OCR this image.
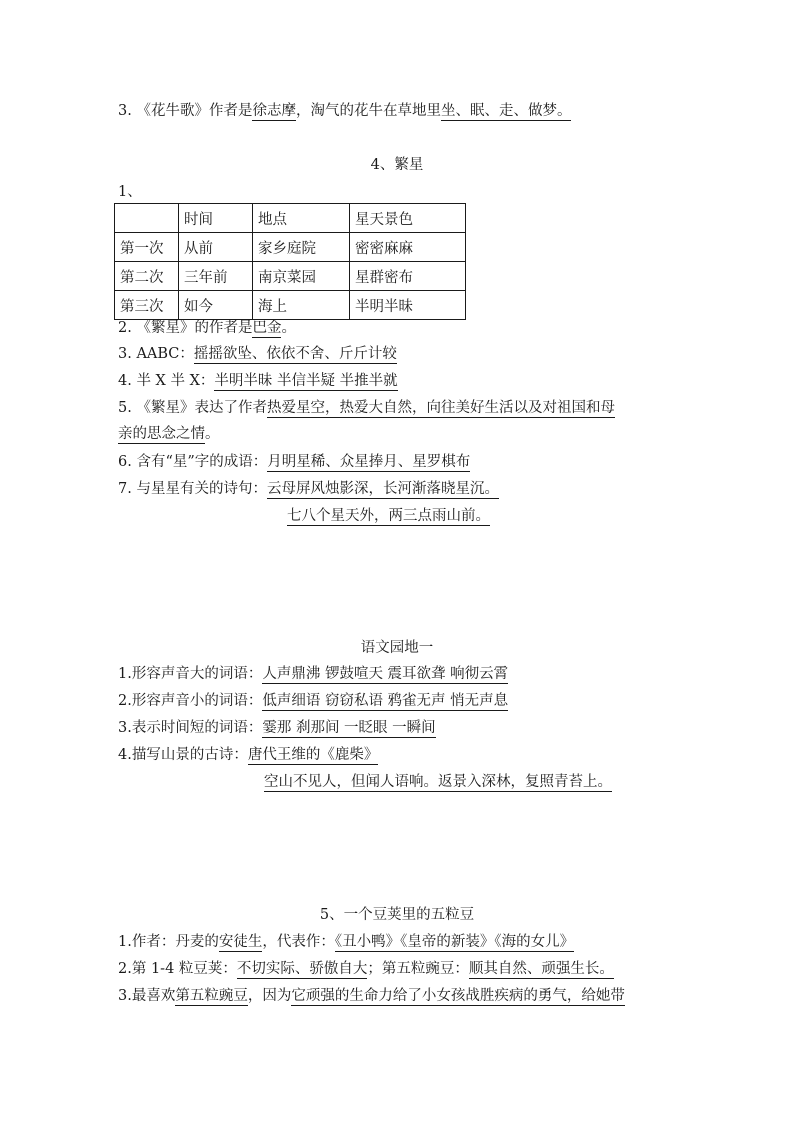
3. 《花牛歌》作者是徐志摩，淘气的花牛在草地里坐、眠、走、做梦。
4、繁星
1、
	时间	地点	星天景色
第一次	从前	家乡庭院	密密麻麻
第二次	三年前	南京菜园	星群密布
第三次	如今	海上	半明半昧
2. 《繁星》的作者是巴金。
3. AABC：摇摇欲坠、依依不舍、斤斤计较
4. 半 X 半 X：半明半昧 半信半疑 半推半就
5. 《繁星》表达了作者热爱星空，热爱大自然，向往美好生活以及对祖国和母
亲的思念之情。
6. 含有“星”字的成语：月明星稀、众星捧月、星罗棋布
7. 与星星有关的诗句：云母屏风烛影深，长河渐落晓星沉。
七八个星天外，两三点雨山前。
语文园地一
1.形容声音大的词语：人声鼎沸 锣鼓喧天 震耳欲聋 响彻云霄
2.形容声音小的词语：低声细语 窃窃私语 鸦雀无声 悄无声息
3.表示时间短的词语：霎那 刹那间 一眨眼 一瞬间
4.描写山景的古诗：唐代王维的《鹿柴》
空山不见人，但闻人语响。返景入深林，复照青苔上。
5、一个豆荚里的五粒豆
1.作者：丹麦的安徒生，代表作：《丑小鸭》《皇帝的新装》《海的女儿》
2.第 1-4 粒豆荚：不切实际、骄傲自大；第五粒豌豆：顺其自然、顽强生长。
3.最喜欢第五粒豌豆，因为它顽强的生命力给了小女孩战胜疾病的勇气，给她带
